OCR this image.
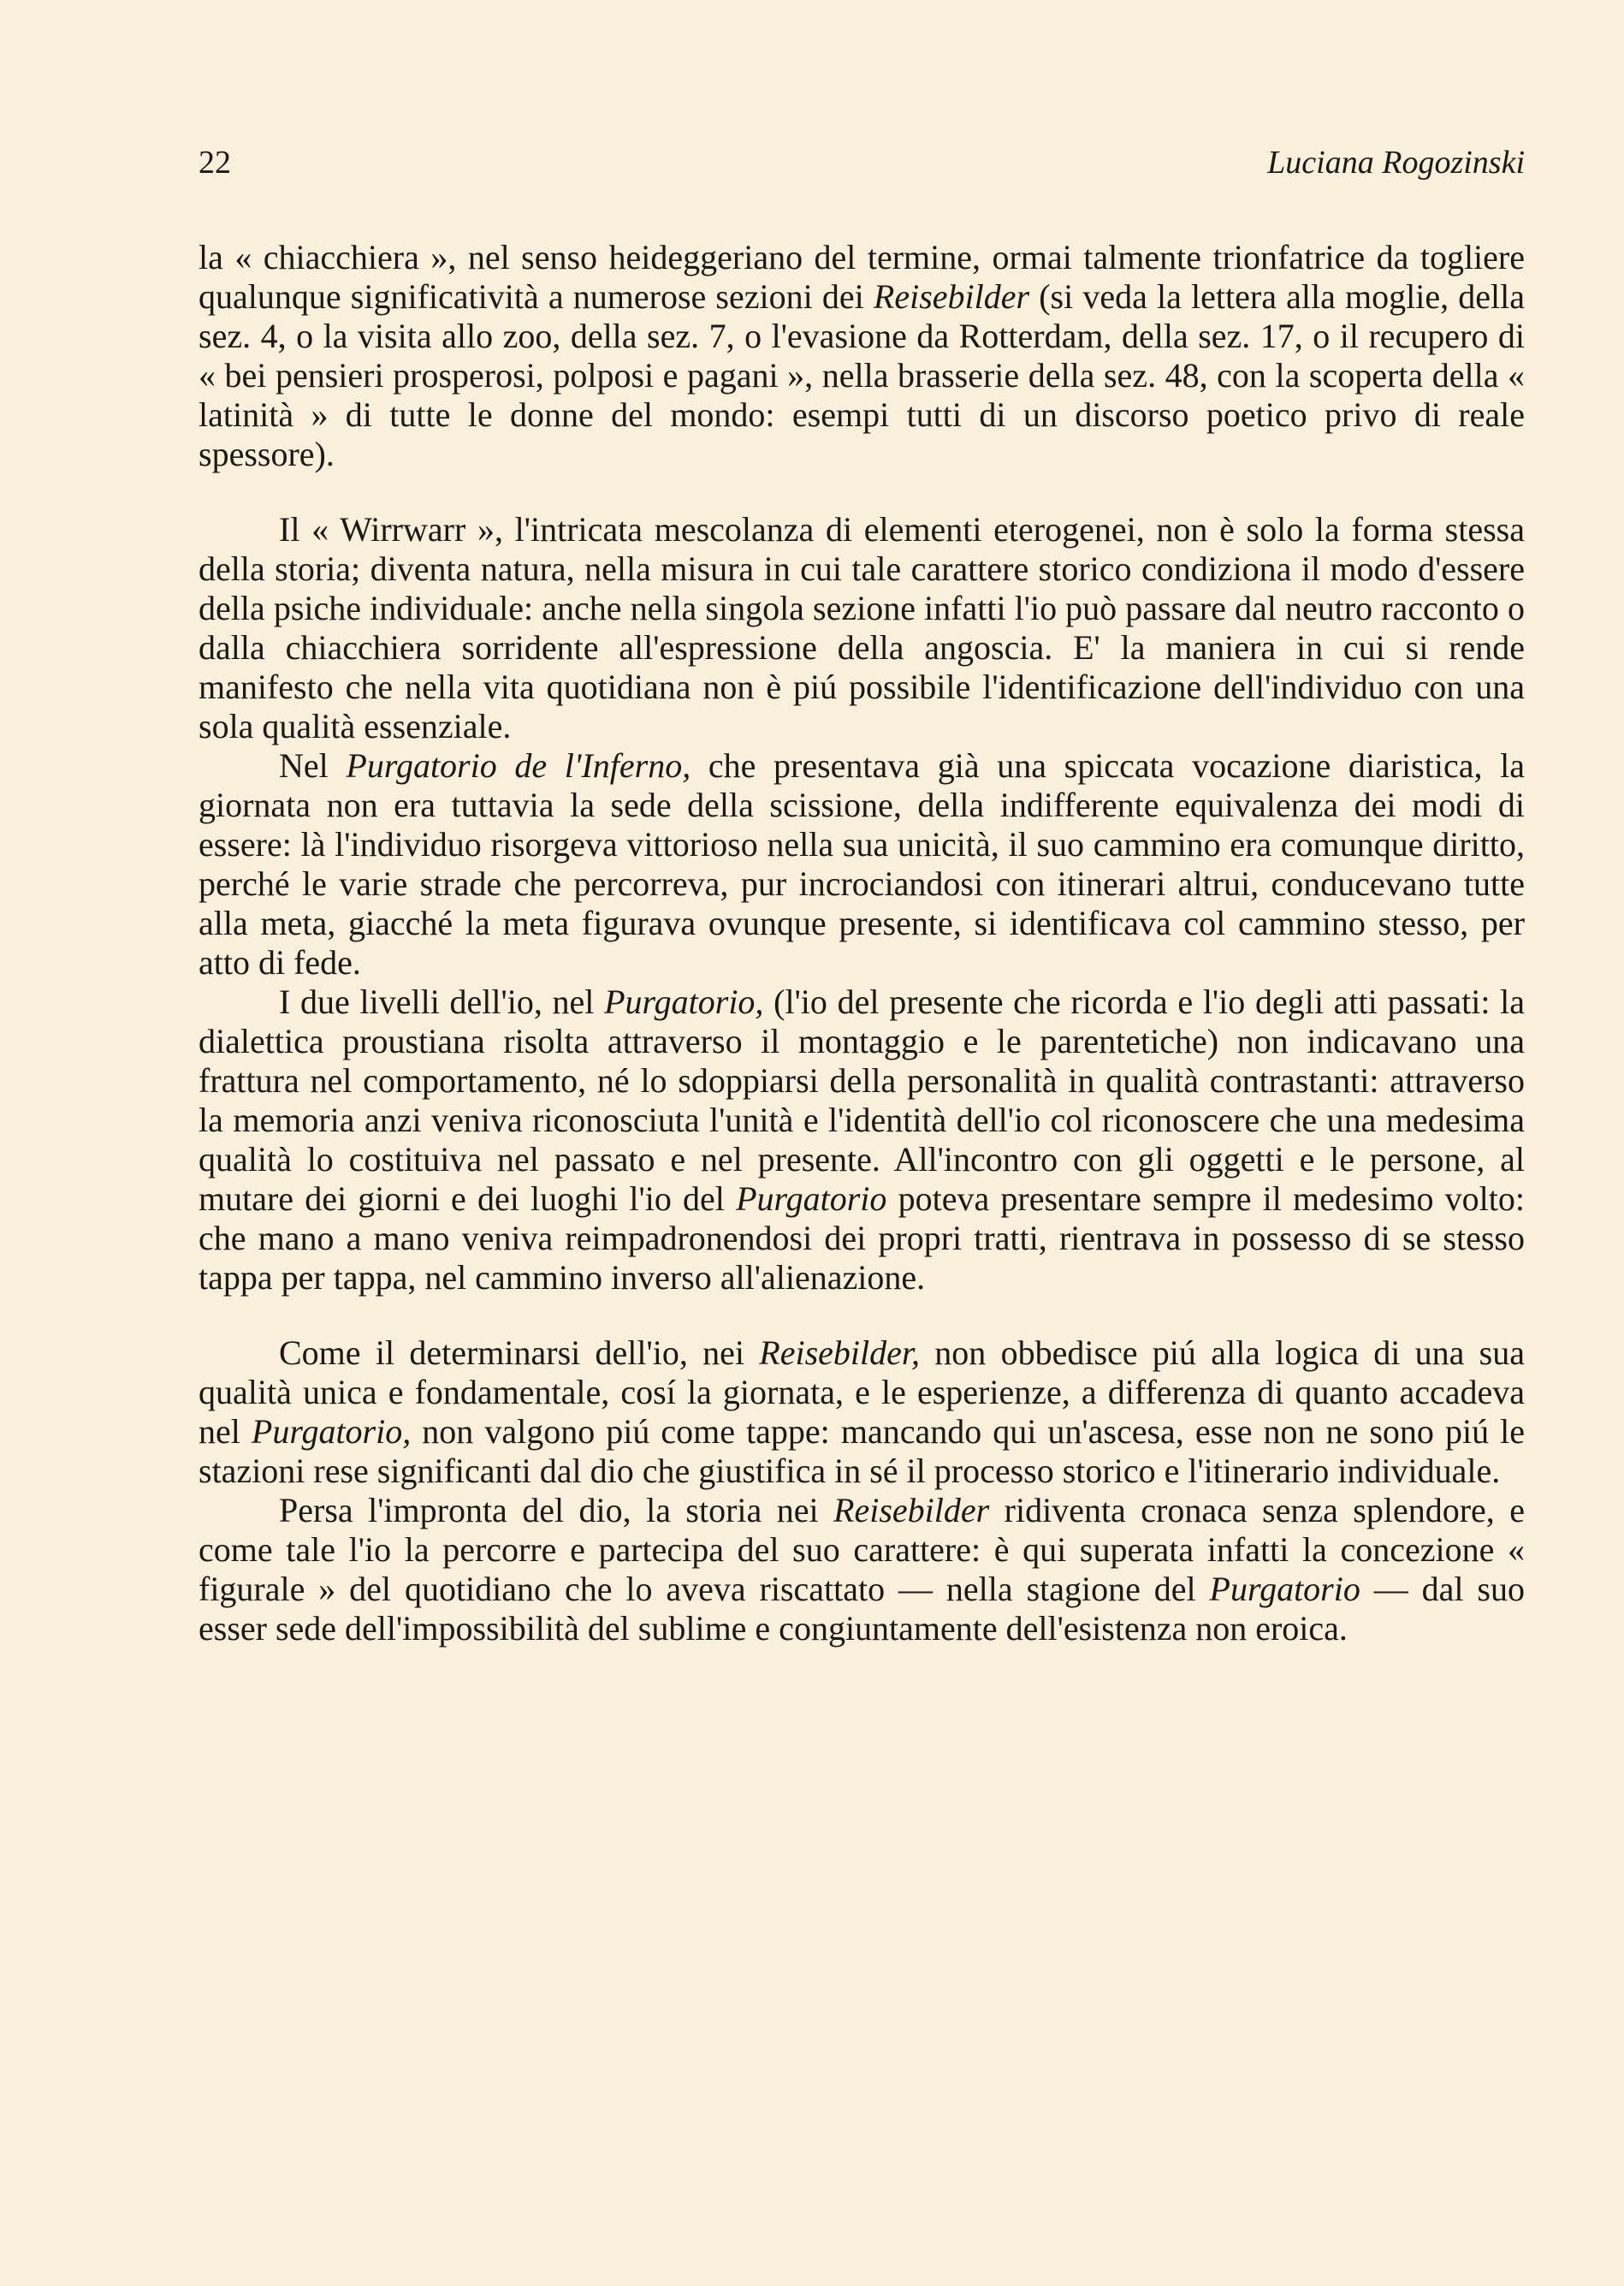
22	Luciana Rogozinski

la « chiacchiera », nel senso heideggeriano del termine, ormai talmente trionfatrice da togliere qualunque significatività a numerose sezioni dei Reisebilder (si veda la lettera alla moglie, della sez. 4, o la visita allo zoo, della sez. 7, o l'evasione da Rotterdam, della sez. 17, o il recupero di « bei pensieri prosperosi, polposi e pagani », nella brasserie della sez. 48, con la scoperta della « latinità » di tutte le donne del mondo: esempi tutti di un discorso poetico privo di reale spessore).

Il « Wirrwarr », l'intricata mescolanza di elementi eterogenei, non è solo la forma stessa della storia; diventa natura, nella misura in cui tale carattere storico condiziona il modo d'essere della psiche individuale: anche nella singola sezione infatti l'io può passare dal neutro racconto o dalla chiacchiera sorridente all'espressione della angoscia. E' la maniera in cui si rende manifesto che nella vita quotidiana non è piú possibile l'identificazione dell'individuo con una sola qualità essenziale.

Nel Purgatorio de l'Inferno, che presentava già una spiccata vocazione diaristica, la giornata non era tuttavia la sede della scissione, della indifferente equivalenza dei modi di essere: là l'individuo risorgeva vittorioso nella sua unicità, il suo cammino era comunque diritto, perché le varie strade che percorreva, pur incrociandosi con itinerari altrui, conducevano tutte alla meta, giacché la meta figurava ovunque presente, si identificava col cammino stesso, per atto di fede.

I due livelli dell'io, nel Purgatorio, (l'io del presente che ricorda e l'io degli atti passati: la dialettica proustiana risolta attraverso il montaggio e le parentetiche) non indicavano una frattura nel comportamento, né lo sdoppiarsi della personalità in qualità contrastanti: attraverso la memoria anzi veniva riconosciuta l'unità e l'identità dell'io col riconoscere che una medesima qualità lo costituiva nel passato e nel presente. All'incontro con gli oggetti e le persone, al mutare dei giorni e dei luoghi l'io del Purgatorio poteva presentare sempre il medesimo volto: che mano a mano veniva reimpadronendosi dei propri tratti, rientrava in possesso di se stesso tappa per tappa, nel cammino inverso all'alienazione.

Come il determinarsi dell'io, nei Reisebilder, non obbedisce piú alla logica di una sua qualità unica e fondamentale, cosí la giornata, e le esperienze, a differenza di quanto accadeva nel Purgatorio, non valgono piú come tappe: mancando qui un'ascesa, esse non ne sono piú le stazioni rese significanti dal dio che giustifica in sé il processo storico e l'itinerario individuale.

Persa l'impronta del dio, la storia nei Reisebilder ridiventa cronaca senza splendore, e come tale l'io la percorre e partecipa del suo carattere: è qui superata infatti la concezione « figurale » del quotidiano che lo aveva riscattato — nella stagione del Purgatorio — dal suo esser sede dell'impossibilità del sublime e congiuntamente dell'esistenza non eroica.
